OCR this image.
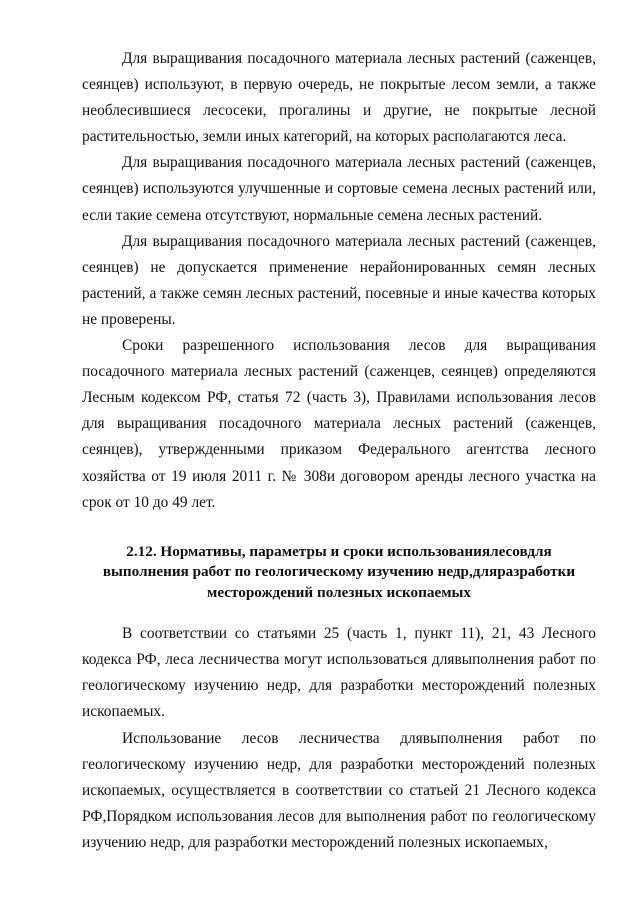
Для выращивания посадочного материала лесных растений (саженцев, сеянцев) используют, в первую очередь, не покрытые лесом земли, а также необлесившиеся лесосеки, прогалины и другие, не покрытые лесной растительностью, земли иных категорий, на которых располагаются леса.

Для выращивания посадочного материала лесных растений (саженцев, сеянцев) используются улучшенные и сортовые семена лесных растений или, если такие семена отсутствуют, нормальные семена лесных растений.

Для выращивания посадочного материала лесных растений (саженцев, сеянцев) не допускается применение нерайонированных семян лесных растений, а также семян лесных растений, посевные и иные качества которых не проверены.

Сроки разрешенного использования лесов для выращивания посадочного материала лесных растений (саженцев, сеянцев) определяются Лесным кодексом РФ, статья 72 (часть 3), Правилами использования лесов для выращивания посадочного материала лесных растений (саженцев, сеянцев), утвержденными приказом Федерального агентства лесного хозяйства от 19 июля 2011 г. № 308и договором аренды лесного участка на срок от 10 до 49 лет.

2.12. Нормативы, параметры и сроки использованиялесовдля
выполнения работ по геологическому изучению недр,дляразработки
месторождений полезных ископаемых

В соответствии со статьями 25 (часть 1, пункт 11), 21, 43 Лесного кодекса РФ, леса лесничества могут использоваться длявыполнения работ по геологическому изучению недр, для разработки месторождений полезных ископаемых.

Использование лесов лесничества длявыполнения работ по геологическому изучению недр, для разработки месторождений полезных ископаемых, осуществляется в соответствии со статьей 21 Лесного кодекса РФ,Порядком использования лесов для выполнения работ по геологическому изучению недр, для разработки месторождений полезных ископаемых,
